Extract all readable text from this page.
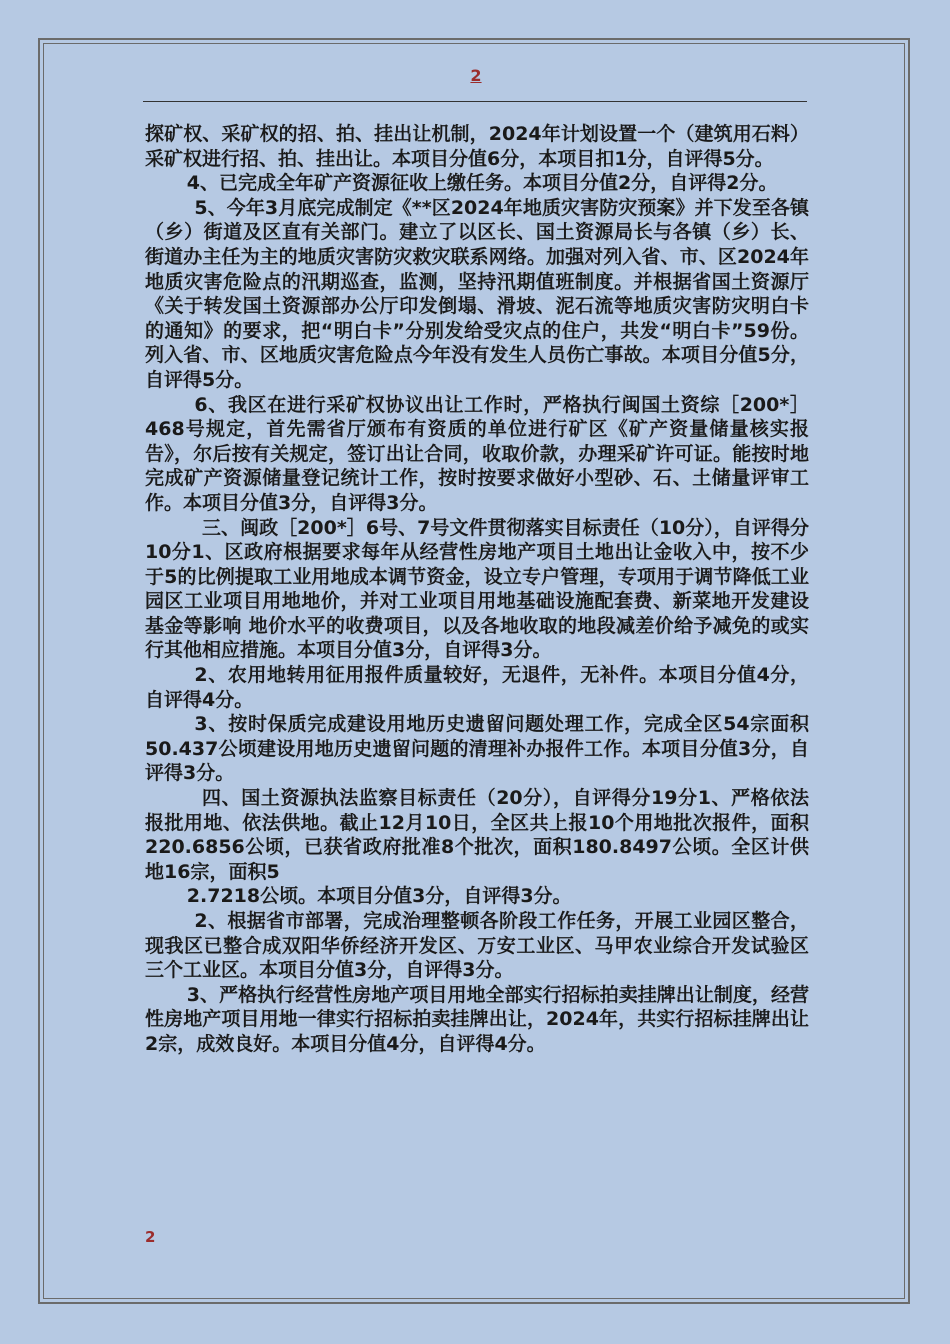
2

探矿权、采矿权的招、拍、挂出让机制，2024年计划设置一个（建筑用石料）采矿权进行招、拍、挂出让。本项目分值6分，本项目扣1分，自评得5分。

4、已完成全年矿产资源征收上缴任务。本项目分值2分，自评得2分。

5、今年3月底完成制定《**区2024年地质灾害防灾预案》并下发至各镇（乡）街道及区直有关部门。建立了以区长、国土资源局长与各镇（乡）长、街道办主任为主的地质灾害防灾救灾联系网络。加强对列入省、市、区2024年地质灾害危险点的汛期巡查，监测，坚持汛期值班制度。并根据省国土资源厅《关于转发国土资源部办公厅印发倒塌、滑坡、泥石流等地质灾害防灾明白卡的通知》的要求，把“明白卡”分别发给受灾点的住户，共发“明白卡”59份。列入省、市、区地质灾害危险点今年没有发生人员伤亡事故。本项目分值5分，自评得5分。

6、我区在进行采矿权协议出让工作时，严格执行闽国土资综［200*］468号规定，首先需省厅颁布有资质的单位进行矿区《矿产资量储量核实报告》，尔后按有关规定，签订出让合同，收取价款，办理采矿许可证。能按时地完成矿产资源储量登记统计工作，按时按要求做好小型砂、石、土储量评审工作。本项目分值3分，自评得3分。

三、闽政［200*］6号、7号文件贯彻落实目标责任（10分），自评得分10分1、区政府根据要求每年从经营性房地产项目土地出让金收入中，按不少于5的比例提取工业用地成本调节资金，设立专户管理，专项用于调节降低工业园区工业项目用地地价，并对工业项目用地基础设施配套费、新菜地开发建设基金等影响 地价水平的收费项目，以及各地收取的地段减差价给予减免的或实行其他相应措施。本项目分值3分，自评得3分。

2、农用地转用征用报件质量较好，无退件，无补件。本项目分值4分，自评得4分。

3、按时保质完成建设用地历史遗留问题处理工作，完成全区54宗面积50.437公顷建设用地历史遗留问题的清理补办报件工作。本项目分值3分，自评得3分。

四、国土资源执法监察目标责任（20分），自评得分19分1、严格依法报批用地、依法供地。截止12月10日，全区共上报10个用地批次报件，面积220.6856公顷，已获省政府批准8个批次，面积180.8497公顷。全区计供地16宗，面积5

2.7218公顷。本项目分值3分，自评得3分。

2、根据省市部署，完成治理整顿各阶段工作任务，开展工业园区整合，现我区已整合成双阳华侨经济开发区、万安工业区、马甲农业综合开发试验区三个工业区。本项目分值3分，自评得3分。

3、严格执行经营性房地产项目用地全部实行招标拍卖挂牌出让制度，经营性房地产项目用地一律实行招标拍卖挂牌出让，2024年，共实行招标挂牌出让2宗，成效良好。本项目分值4分，自评得4分。

2
